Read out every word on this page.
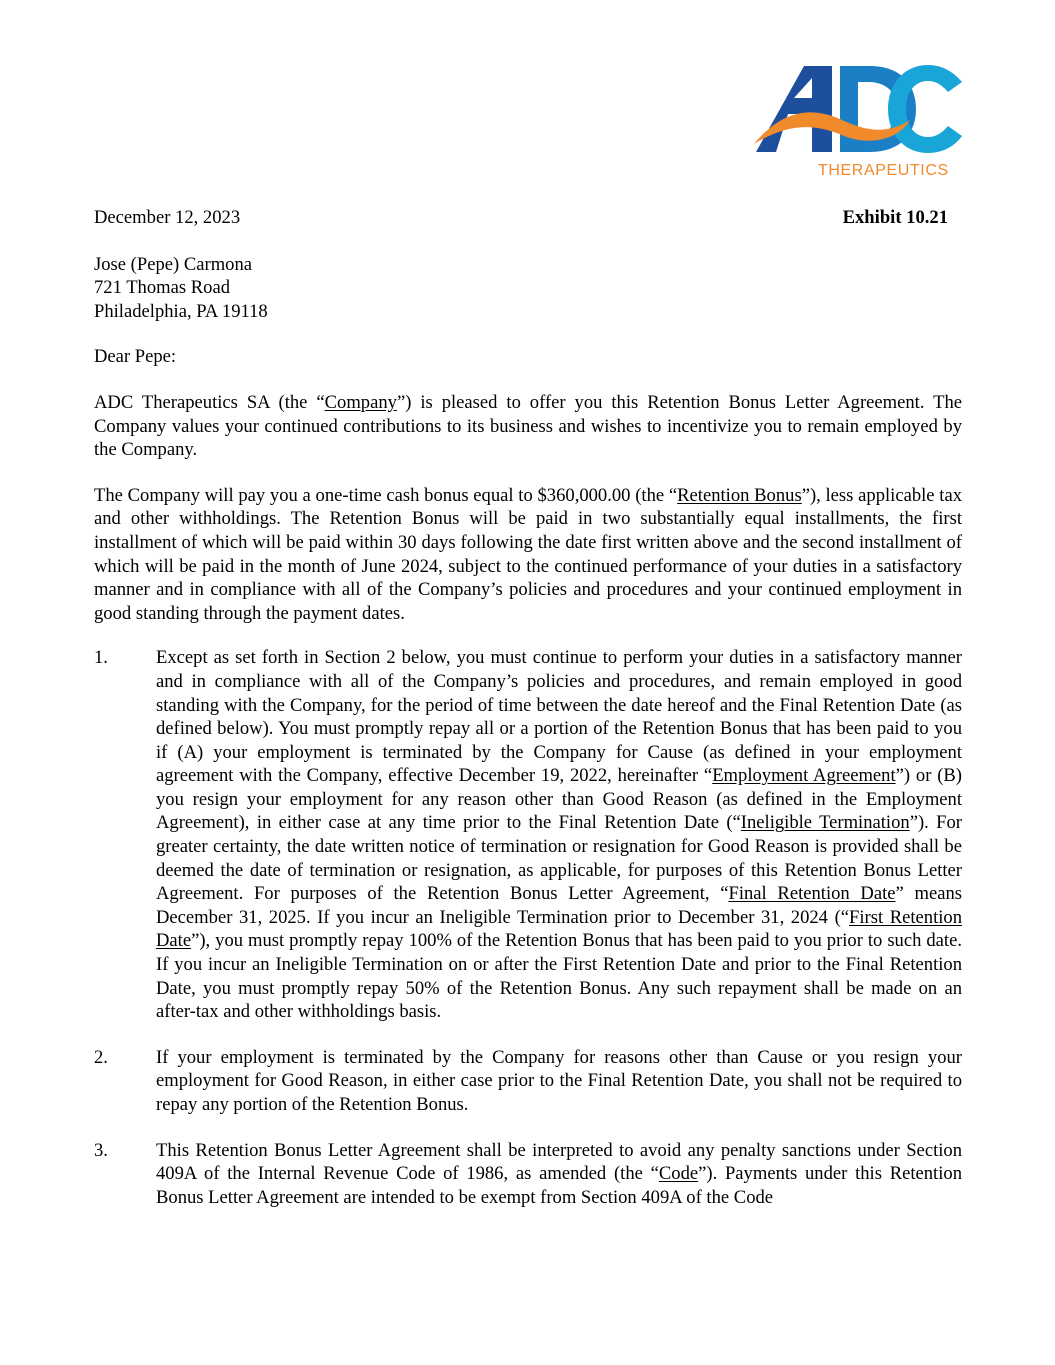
THERAPEUTICS
December 12, 2023	Exhibit 10.21
Jose (Pepe) Carmona
721 Thomas Road
Philadelphia, PA 19118

Dear Pepe:

ADC Therapeutics SA (the “Company”) is pleased to offer you this Retention Bonus Letter Agreement. The Company values your continued contributions to its business and wishes to incentivize you to remain employed by the Company.

The Company will pay you a one-time cash bonus equal to $360,000.00 (the “Retention Bonus”), less applicable tax and other withholdings. The Retention Bonus will be paid in two substantially equal installments, the first installment of which will be paid within 30 days following the date first written above and the second installment of which will be paid in the month of June 2024, subject to the continued performance of your duties in a satisfactory manner and in compliance with all of the Company’s policies and procedures and your continued employment in good standing through the payment dates.

1.	Except as set forth in Section 2 below, you must continue to perform your duties in a satisfactory manner and in compliance with all of the Company’s policies and procedures, and remain employed in good standing with the Company, for the period of time between the date hereof and the Final Retention Date (as defined below). You must promptly repay all or a portion of the Retention Bonus that has been paid to you if (A) your employment is terminated by the Company for Cause (as defined in your employment agreement with the Company, effective December 19, 2022, hereinafter “Employment Agreement”) or (B) you resign your employment for any reason other than Good Reason (as defined in the Employment Agreement), in either case at any time prior to the Final Retention Date (“Ineligible Termination”). For greater certainty, the date written notice of termination or resignation for Good Reason is provided shall be deemed the date of termination or resignation, as applicable, for purposes of this Retention Bonus Letter Agreement. For purposes of the Retention Bonus Letter Agreement, “Final Retention Date” means December 31, 2025. If you incur an Ineligible Termination prior to December 31, 2024 (“First Retention Date”), you must promptly repay 100% of the Retention Bonus that has been paid to you prior to such date. If you incur an Ineligible Termination on or after the First Retention Date and prior to the Final Retention Date, you must promptly repay 50% of the Retention Bonus. Any such repayment shall be made on an after-tax and other withholdings basis.

2.	If your employment is terminated by the Company for reasons other than Cause or you resign your employment for Good Reason, in either case prior to the Final Retention Date, you shall not be required to repay any portion of the Retention Bonus.

3.	This Retention Bonus Letter Agreement shall be interpreted to avoid any penalty sanctions under Section 409A of the Internal Revenue Code of 1986, as amended (the “Code”). Payments under this Retention Bonus Letter Agreement are intended to be exempt from Section 409A of the Code
